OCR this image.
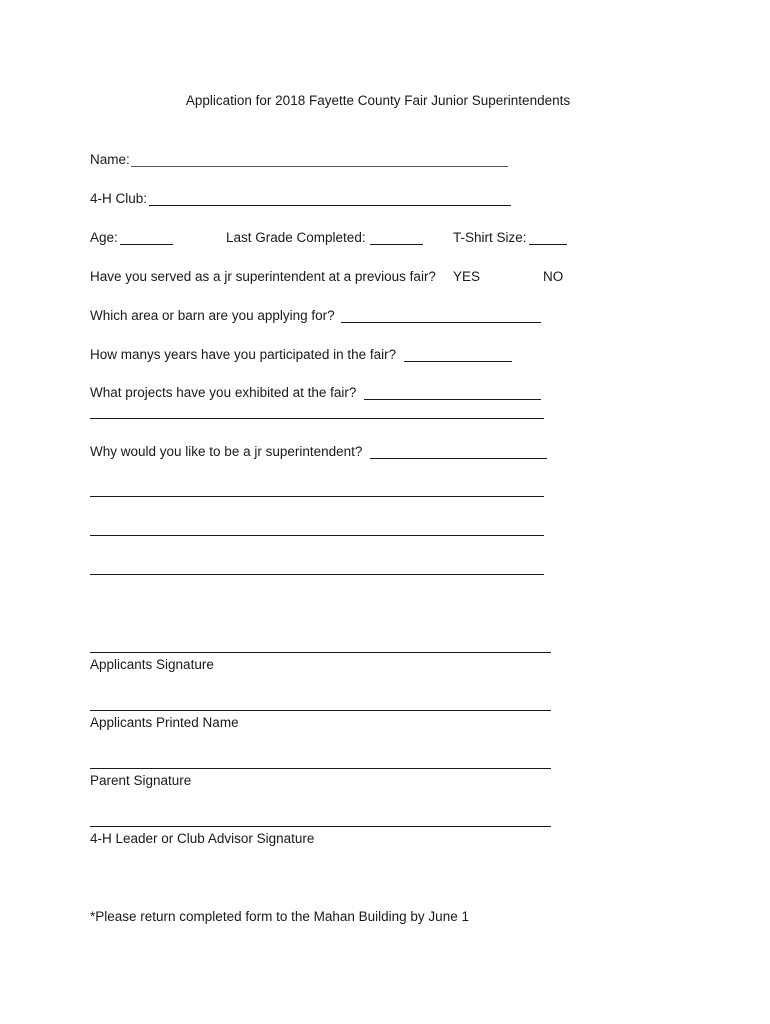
Application for 2018 Fayette County Fair Junior Superintendents
Name:
4-H Club:
Age:	Last Grade Completed:	T-Shirt Size:
Have you served as a jr superintendent at a previous fair? YES	NO
Which area or barn are you applying for?
How manys years have you participated in the fair?
What projects have you exhibited at the fair?
Why would you like to be a jr superintendent?
Applicants Signature
Applicants Printed Name
Parent Signature
4-H Leader or Club Advisor Signature
*Please return completed form to the Mahan Building by June 1
